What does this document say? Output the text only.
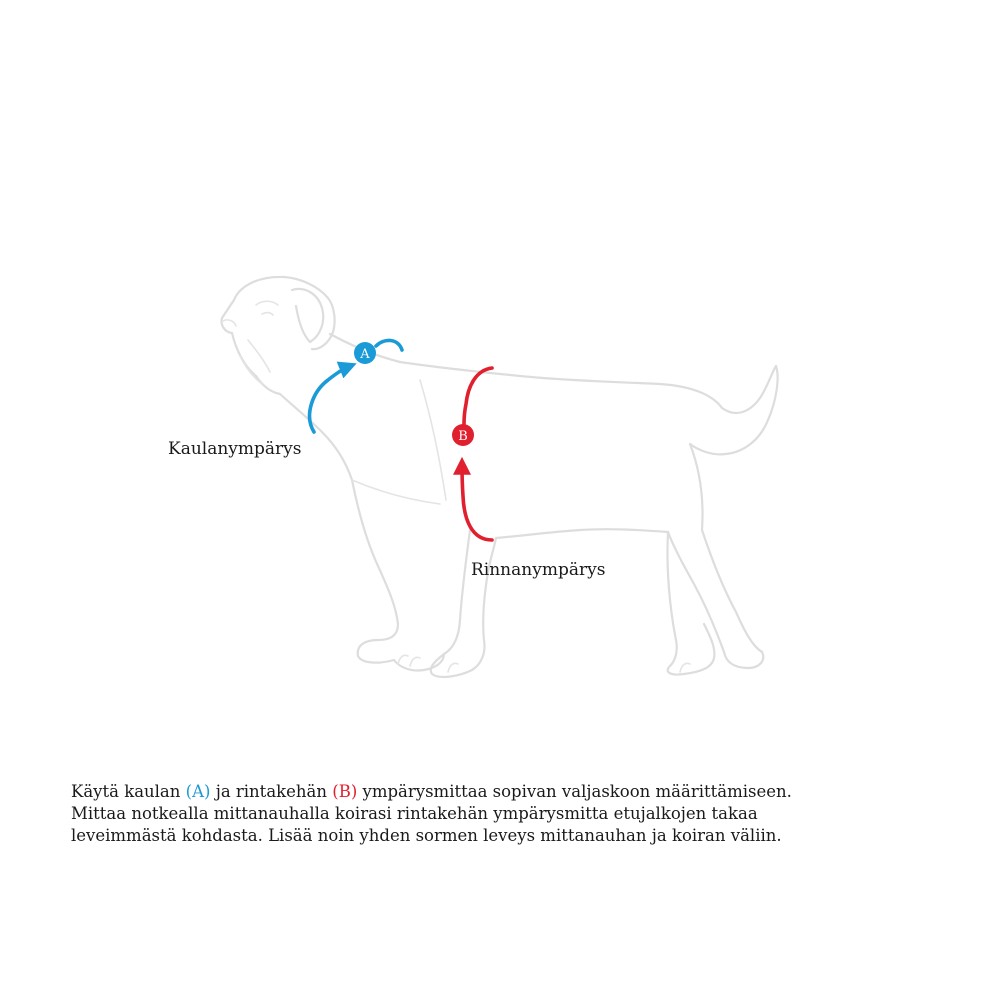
A
B
Kaulanympärys
Rinnanympärys

Käytä kaulan (A) ja rintakehän (B) ympärysmittaa sopivan valjaskoon määrittämiseen.
Mittaa notkealla mittanauhalla koirasi rintakehän ympärysmitta etujalkojen takaa
leveimmästä kohdasta. Lisää noin yhden sormen leveys mittanauhan ja koiran väliin.
